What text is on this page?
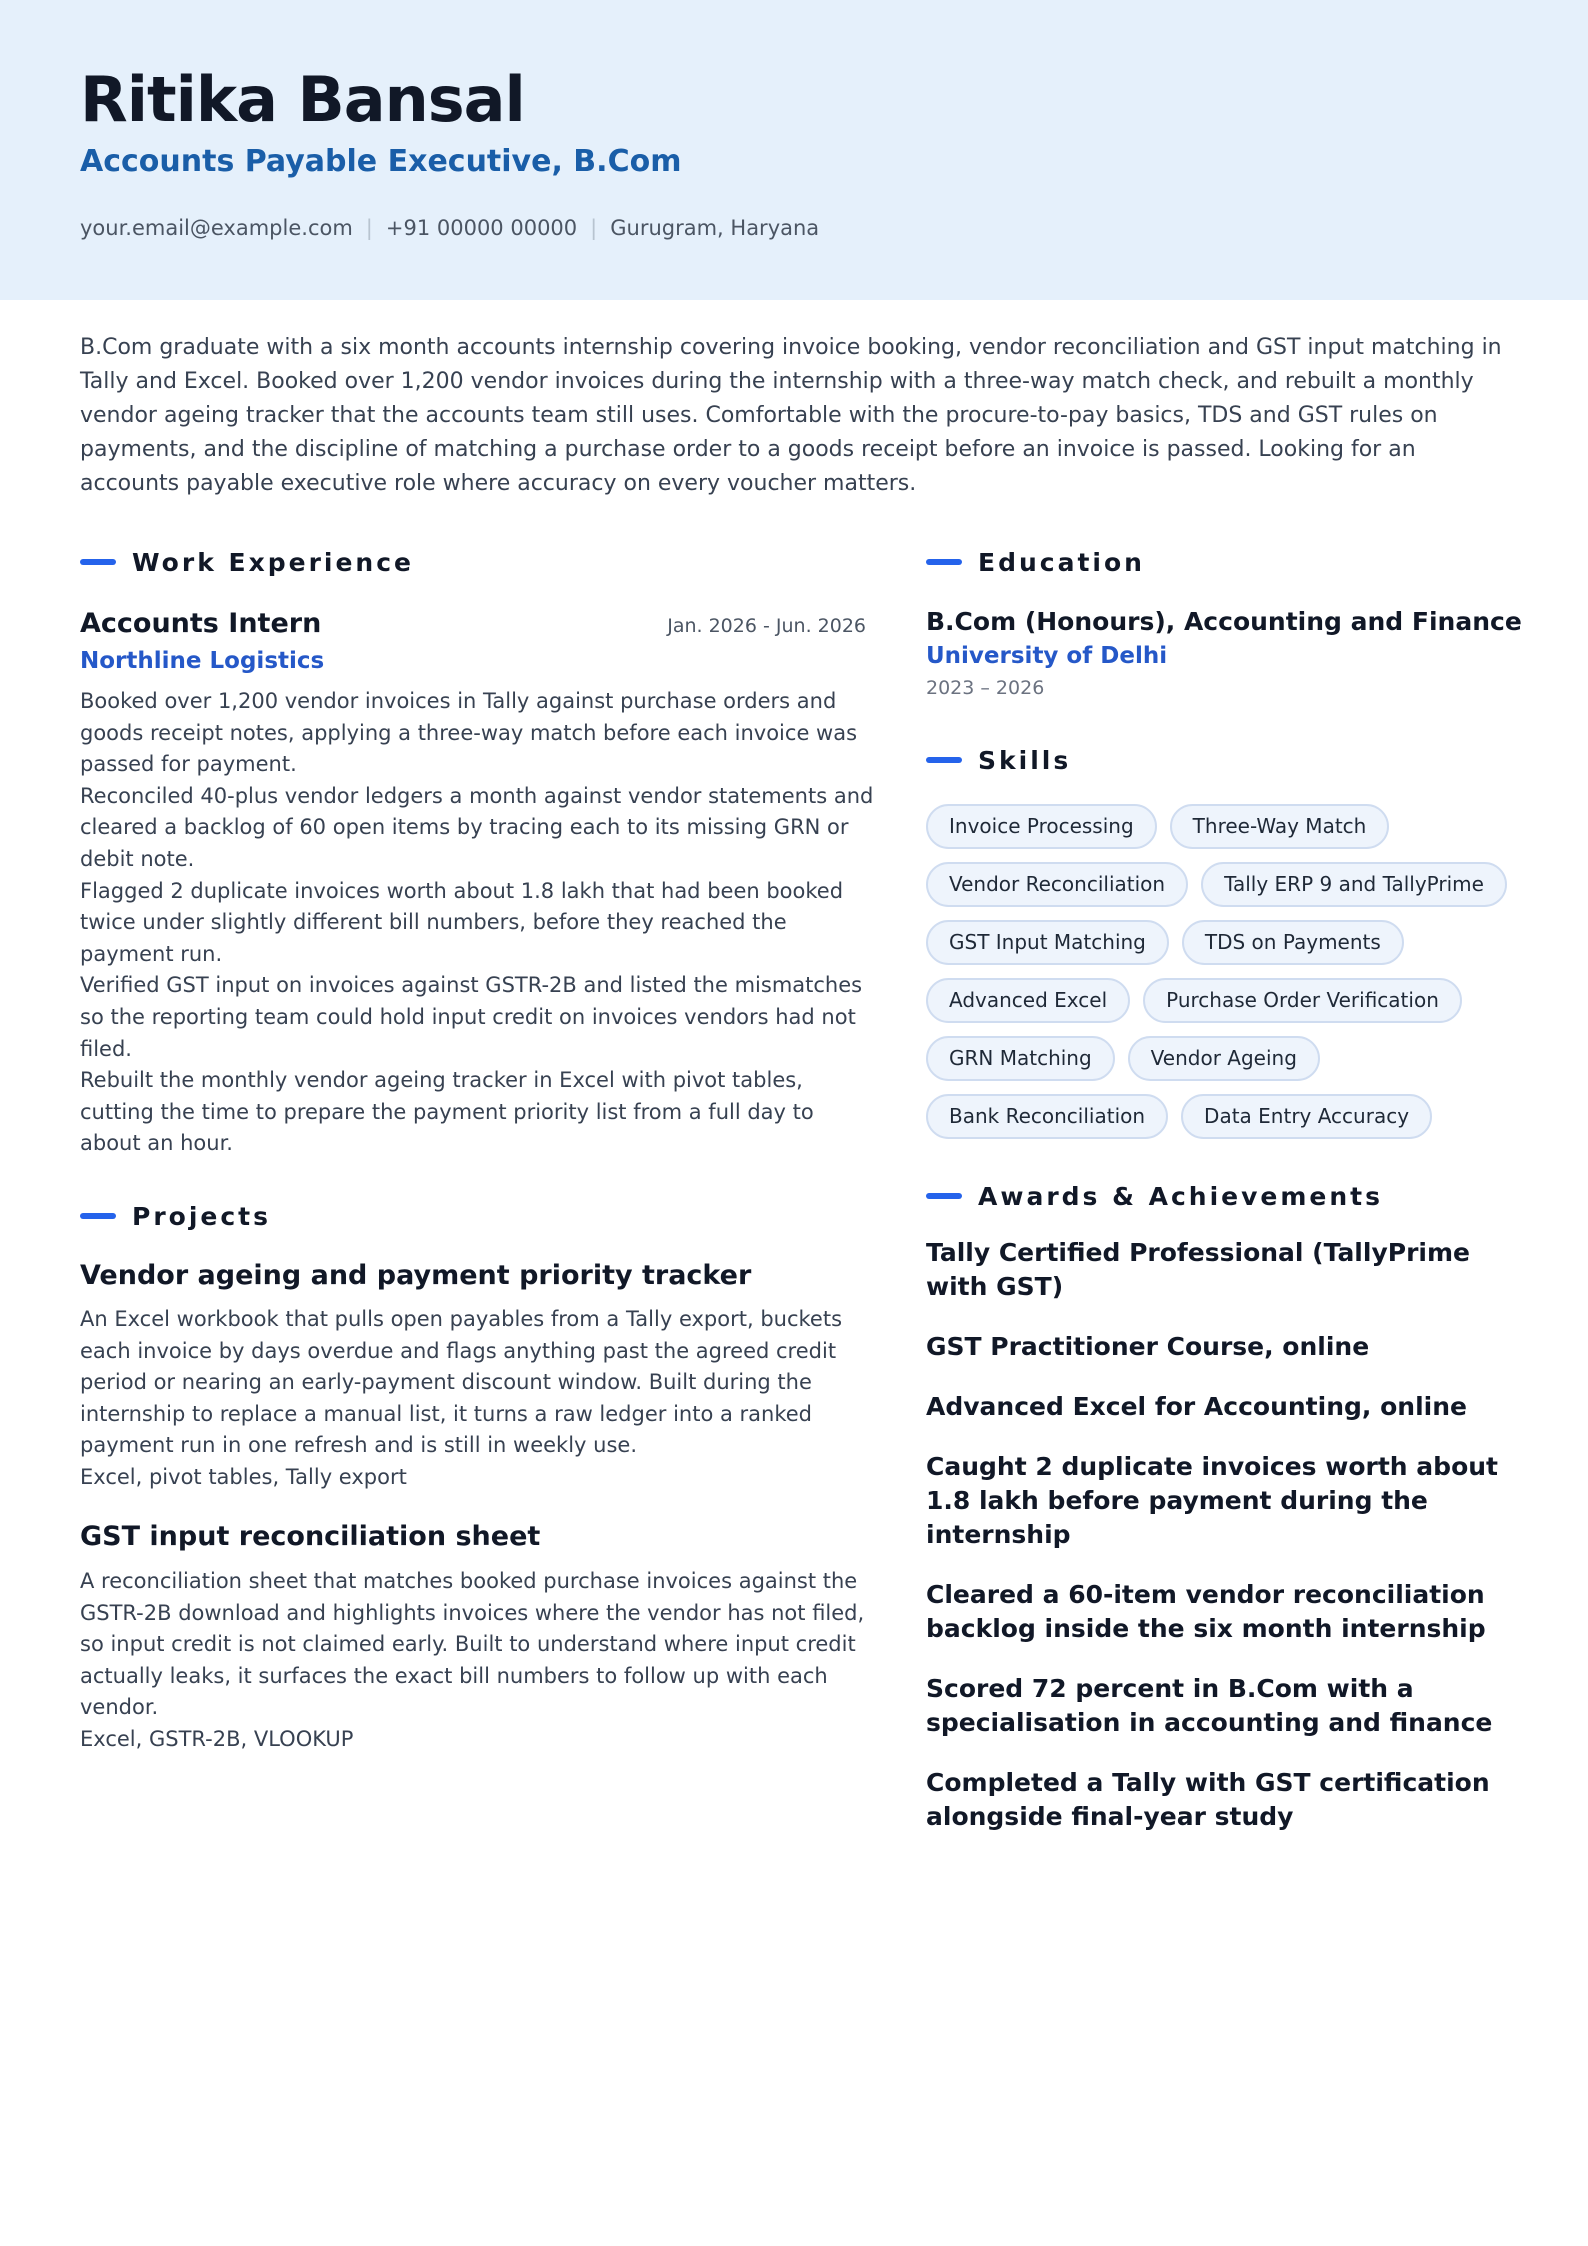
Ritika Bansal
Accounts Payable Executive, B.Com
your.email@example.com | +91 00000 00000 | Gurugram, Haryana
B.Com graduate with a six month accounts internship covering invoice booking, vendor reconciliation and GST input matching in Tally and Excel. Booked over 1,200 vendor invoices during the internship with a three-way match check, and rebuilt a monthly vendor ageing tracker that the accounts team still uses. Comfortable with the procure-to-pay basics, TDS and GST rules on payments, and the discipline of matching a purchase order to a goods receipt before an invoice is passed. Looking for an accounts payable executive role where accuracy on every voucher matters.
Work Experience
Accounts Intern	Jan. 2026 - Jun. 2026
Northline Logistics
Booked over 1,200 vendor invoices in Tally against purchase orders and goods receipt notes, applying a three-way match before each invoice was passed for payment.
Reconciled 40-plus vendor ledgers a month against vendor statements and cleared a backlog of 60 open items by tracing each to its missing GRN or debit note.
Flagged 2 duplicate invoices worth about 1.8 lakh that had been booked twice under slightly different bill numbers, before they reached the payment run.
Verified GST input on invoices against GSTR-2B and listed the mismatches so the reporting team could hold input credit on invoices vendors had not filed.
Rebuilt the monthly vendor ageing tracker in Excel with pivot tables, cutting the time to prepare the payment priority list from a full day to about an hour.
Projects
Vendor ageing and payment priority tracker
An Excel workbook that pulls open payables from a Tally export, buckets each invoice by days overdue and flags anything past the agreed credit period or nearing an early-payment discount window. Built during the internship to replace a manual list, it turns a raw ledger into a ranked payment run in one refresh and is still in weekly use.
Excel, pivot tables, Tally export
GST input reconciliation sheet
A reconciliation sheet that matches booked purchase invoices against the GSTR-2B download and highlights invoices where the vendor has not filed, so input credit is not claimed early. Built to understand where input credit actually leaks, it surfaces the exact bill numbers to follow up with each vendor.
Excel, GSTR-2B, VLOOKUP
Education
B.Com (Honours), Accounting and Finance
University of Delhi
2023 – 2026
Skills
Invoice Processing	Three-Way Match
Vendor Reconciliation	Tally ERP 9 and TallyPrime
GST Input Matching	TDS on Payments
Advanced Excel	Purchase Order Verification
GRN Matching	Vendor Ageing
Bank Reconciliation	Data Entry Accuracy
Awards & Achievements
Tally Certified Professional (TallyPrime with GST)
GST Practitioner Course, online
Advanced Excel for Accounting, online
Caught 2 duplicate invoices worth about 1.8 lakh before payment during the internship
Cleared a 60-item vendor reconciliation backlog inside the six month internship
Scored 72 percent in B.Com with a specialisation in accounting and finance
Completed a Tally with GST certification alongside final-year study
